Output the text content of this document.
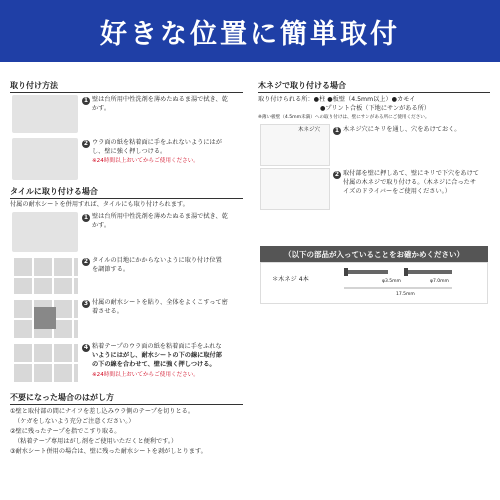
好きな位置に簡単取付
取り付け方法
1 壁は台所用中性洗剤を薄めたぬるま湯で拭き、乾
かす。
2 ウラ面の紙を粘着面に手をふれないようにはが
し、壁に強く押しつける。
※24時間以上おいてからご使用ください。
タイルに取り付ける場合
付属の耐水シートを併用すれば、タイルにも取り付けられます。
1 壁は台所用中性洗剤を薄めたぬるま湯で拭き、乾
かす。
2 タイルの目地にかからないように取り付け位置
を調節する。
3 付属の耐水シートを貼り、全体をよくこすって密
着させる。
4 粘着テープのウラ面の紙を粘着面に手をふれな
いようにはがし、耐水シートの下の線に取付部
の下の線を合わせて、壁に強く押しつける。
※24時間以上おいてからご使用ください。
不要になった場合のはがし方
①壁と取付部の間にナイフを差し込みウラ側のテープを切りとる。
（ケガをしないよう充分ご注意ください。）
②壁に残ったテープを指でこすり取る。
（粘着テープ専用はがし剤をご使用いただくと便利です。）
③耐水シート併用の場合は、壁に残った耐水シートを剥がしとります。
木ネジで取り付ける場合
取り付けられる所：●柱 ●板壁（4.5mm以上）●カモイ
●プリント合板（下地にサンがある所）
※薄い板壁（4.5mm未満）への取り付けは、壁にサンがある所にご使用ください。
木ネジ穴	1 木ネジ穴にキリを通し、穴をあけておく。
2 取付部を壁に押しあて、壁にキリで下穴をあけて
付属の木ネジで取り付ける。（木ネジに合ったサ
イズのドライバーをご使用ください。）
（以下の部品が入っていることをお確かめください）
＊木ネジ 4本	φ3.5mm	φ7.0mm
17.5mm
